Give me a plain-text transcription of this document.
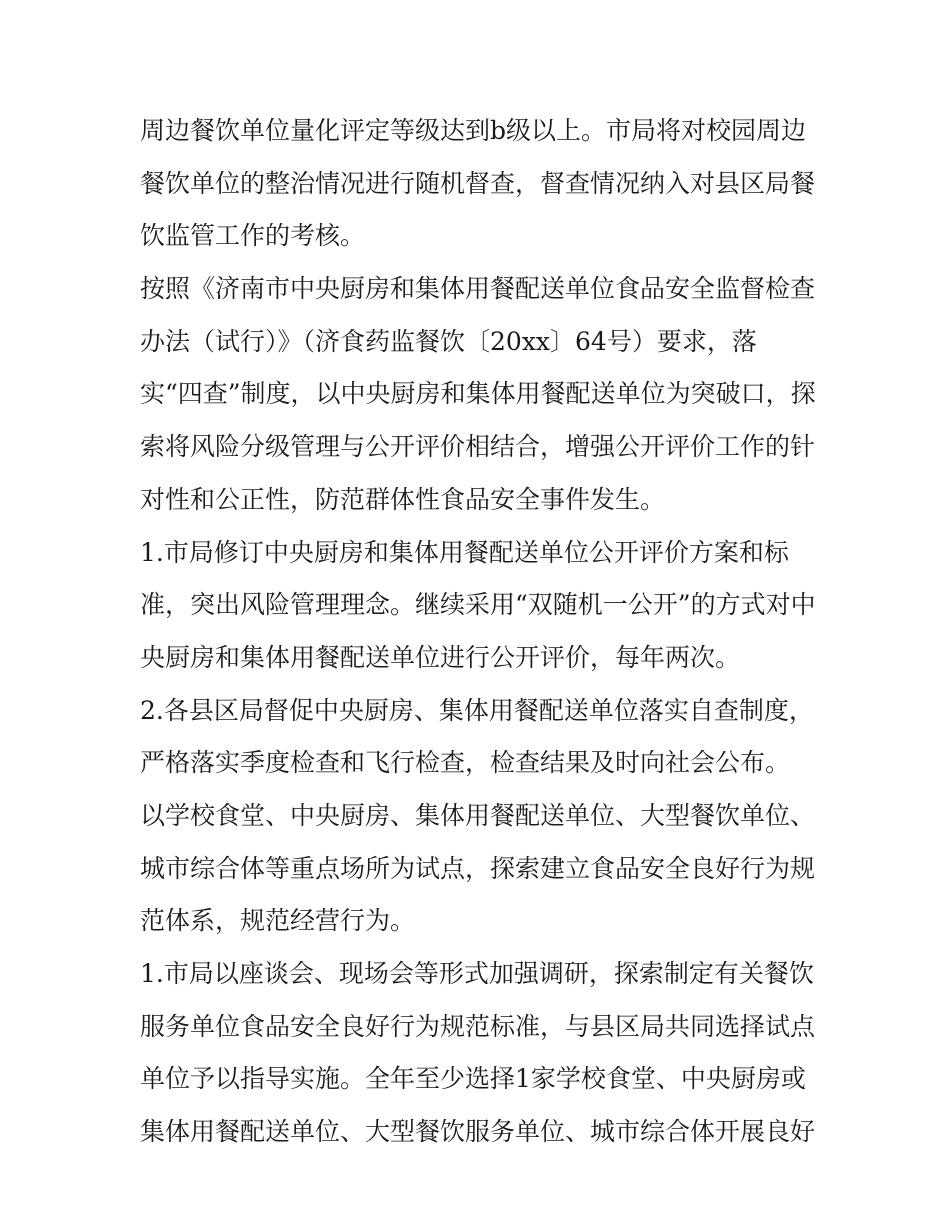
周边餐饮单位量化评定等级达到b级以上。市局将对校园周边
餐饮单位的整治情况进行随机督查，督查情况纳入对县区局餐
饮监管工作的考核。
按照《济南市中央厨房和集体用餐配送单位食品安全监督检查
办法（试行）》（济食药监餐饮〔20xx〕64号）要求，落
实“四查”制度，以中央厨房和集体用餐配送单位为突破口，探
索将风险分级管理与公开评价相结合，增强公开评价工作的针
对性和公正性，防范群体性食品安全事件发生。
1.市局修订中央厨房和集体用餐配送单位公开评价方案和标
准，突出风险管理理念。继续采用“双随机一公开”的方式对中
央厨房和集体用餐配送单位进行公开评价，每年两次。
2.各县区局督促中央厨房、集体用餐配送单位落实自查制度，
严格落实季度检查和飞行检查，检查结果及时向社会公布。
以学校食堂、中央厨房、集体用餐配送单位、大型餐饮单位、
城市综合体等重点场所为试点，探索建立食品安全良好行为规
范体系，规范经营行为。
1.市局以座谈会、现场会等形式加强调研，探索制定有关餐饮
服务单位食品安全良好行为规范标准，与县区局共同选择试点
单位予以指导实施。全年至少选择1家学校食堂、中央厨房或
集体用餐配送单位、大型餐饮服务单位、城市综合体开展良好
